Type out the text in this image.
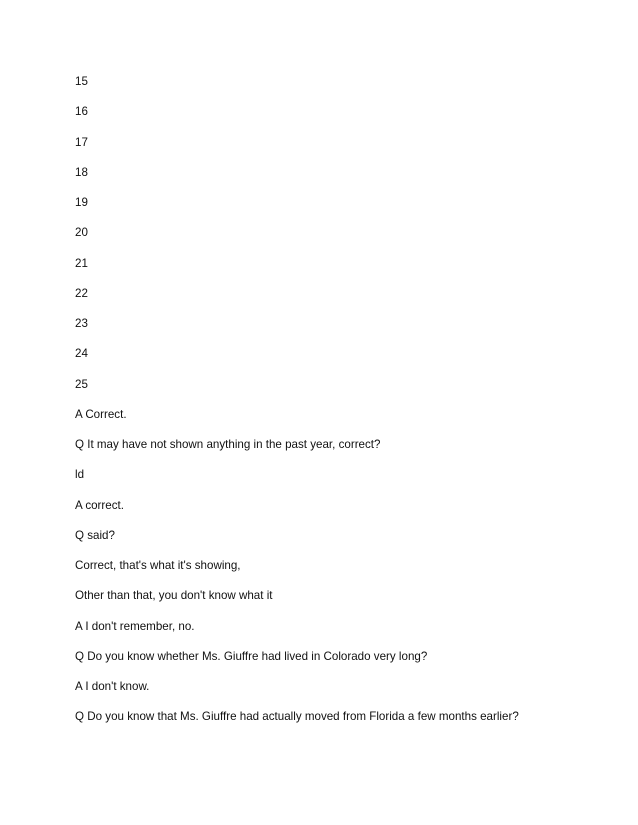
15
16
17
18
19
20
21
22
23
24
25
A Correct.
Q It may have not shown anything in the past year, correct?
ld
A correct.
Q said?
Correct, that's what it's showing,
Other than that, you don't know what it
A I don't remember, no.
Q Do you know whether Ms. Giuffre had lived in Colorado very long?
A I don't know.
Q Do you know that Ms. Giuffre had actually moved from Florida a few months earlier?
